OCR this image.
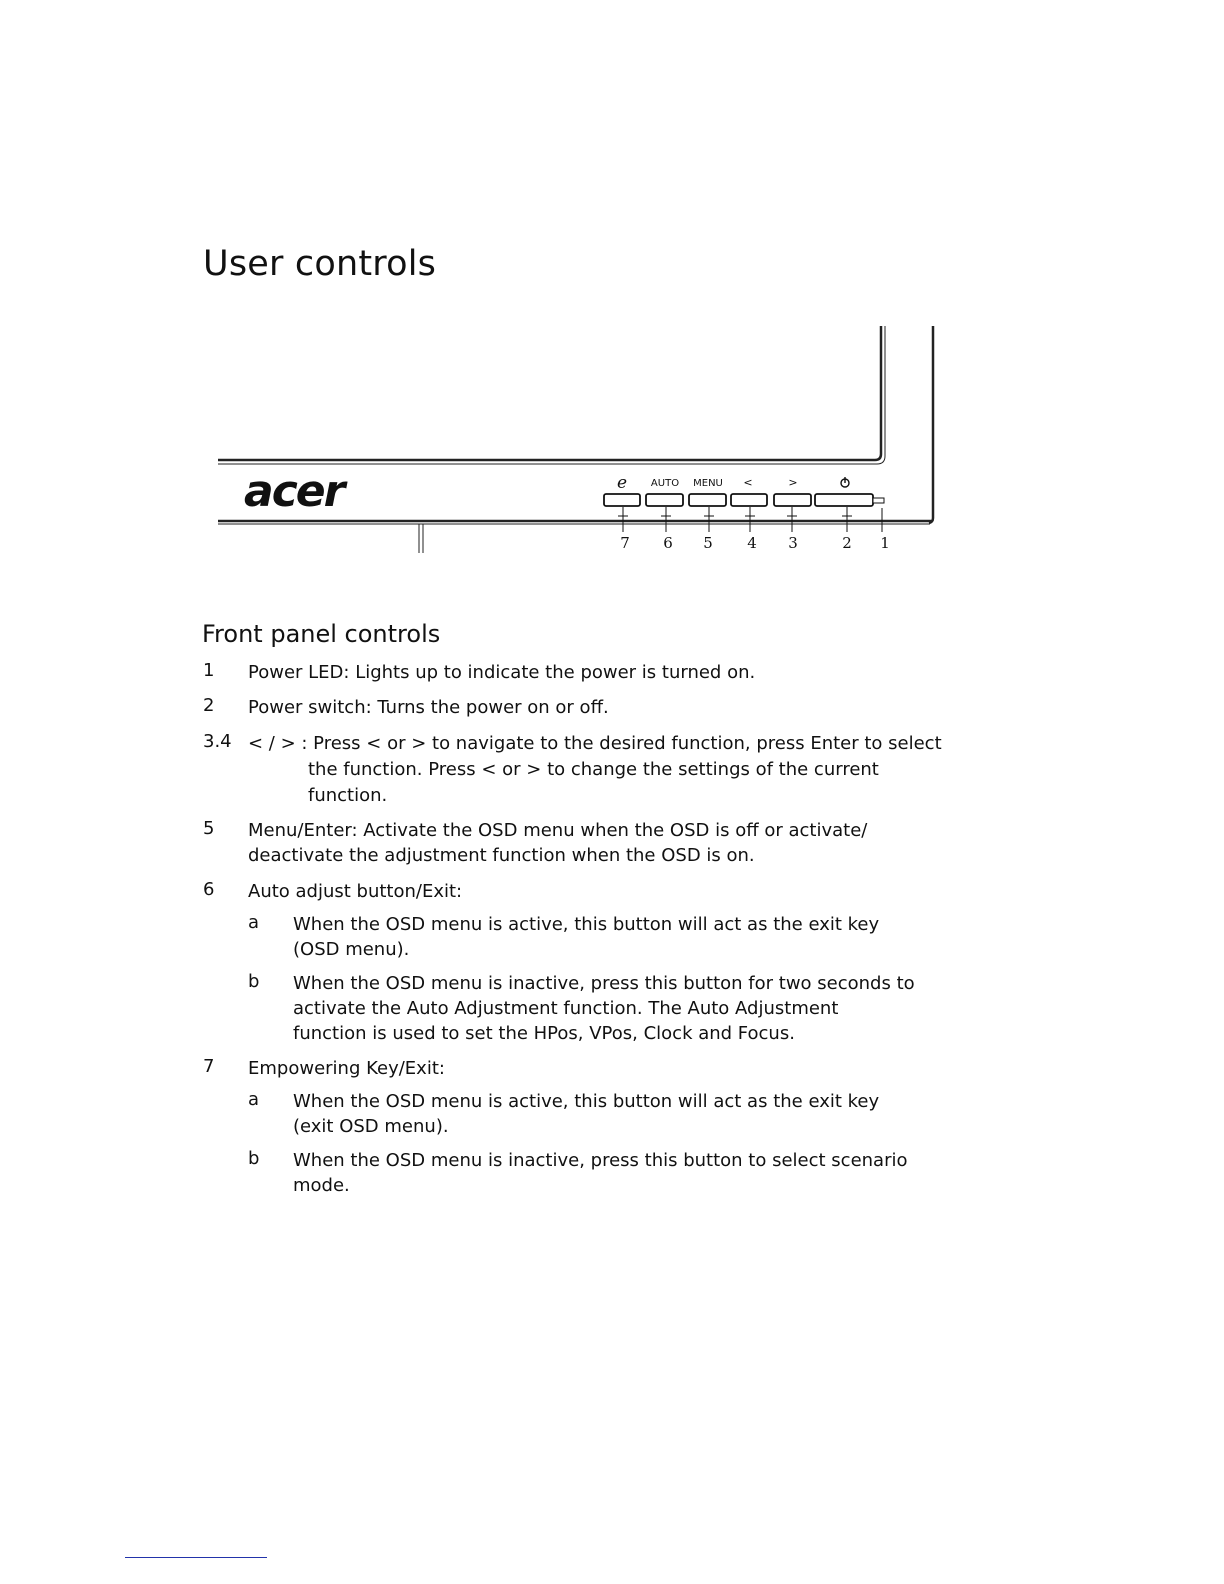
User controls
acer	e AUTO MENU <	>
7 6 5 4 3	2 1
Front panel controls
1 Power LED: Lights up to indicate the power is turned on.
2 Power switch: Turns the power on or off.
3.4 < / > : Press < or > to navigate to the desired function, press Enter to select
the function. Press < or > to change the settings of the current
function.
5 Menu/Enter: Activate the OSD menu when the OSD is off or activate/
deactivate the adjustment function when the OSD is on.
6 Auto adjust button/Exit:
a When the OSD menu is active, this button will act as the exit key
(OSD menu).
b When the OSD menu is inactive, press this button for two seconds to
activate the Auto Adjustment function. The Auto Adjustment
function is used to set the HPos, VPos, Clock and Focus.
7 Empowering Key/Exit:
a When the OSD menu is active, this button will act as the exit key
(exit OSD menu).
b When the OSD menu is inactive, press this button to select scenario
mode.
